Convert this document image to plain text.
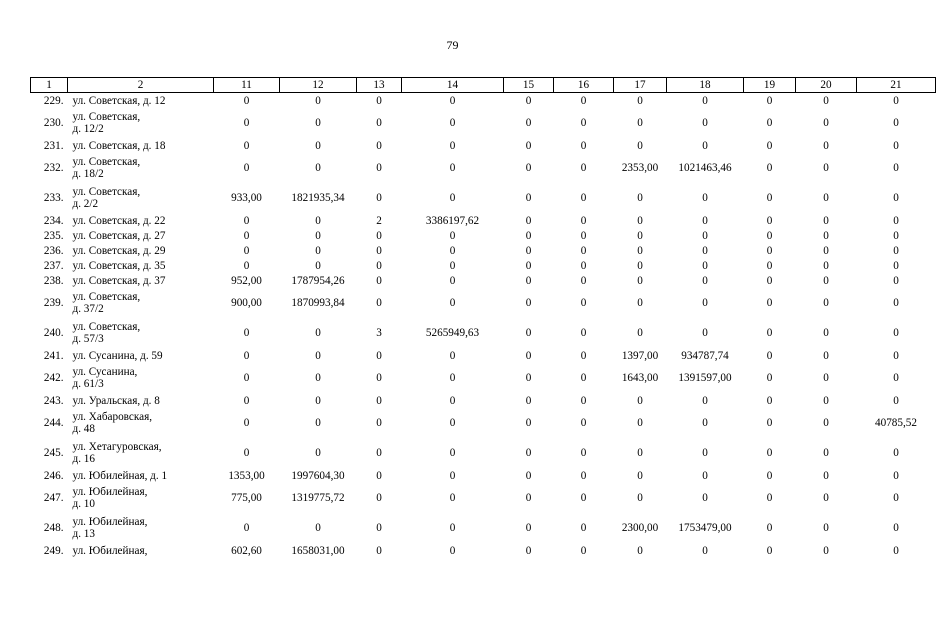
79
1	2	11	12	13	14	15	16	17	18	19	20	21
229.	ул. Советская, д. 12	0	0	0	0	0	0	0	0	0	0	0
230.	ул. Советская,
д. 12/2	0	0	0	0	0	0	0	0	0	0	0
231.	ул. Советская, д. 18	0	0	0	0	0	0	0	0	0	0	0
232.	ул. Советская,
д. 18/2	0	0	0	0	0	0	2353,00	1021463,46	0	0	0
233.	ул. Советская,
д. 2/2	933,00	1821935,34	0	0	0	0	0	0	0	0	0
234.	ул. Советская, д. 22	0	0	2	3386197,62	0	0	0	0	0	0	0
235.	ул. Советская, д. 27	0	0	0	0	0	0	0	0	0	0	0
236.	ул. Советская, д. 29	0	0	0	0	0	0	0	0	0	0	0
237.	ул. Советская, д. 35	0	0	0	0	0	0	0	0	0	0	0
238.	ул. Советская, д. 37	952,00	1787954,26	0	0	0	0	0	0	0	0	0
239.	ул. Советская,
д. 37/2	900,00	1870993,84	0	0	0	0	0	0	0	0	0
240.	ул. Советская,
д. 57/3	0	0	3	5265949,63	0	0	0	0	0	0	0
241.	ул. Сусанина, д. 59	0	0	0	0	0	0	1397,00	934787,74	0	0	0
242.	ул. Сусанина,
д. 61/3	0	0	0	0	0	0	1643,00	1391597,00	0	0	0
243.	ул. Уральская, д. 8	0	0	0	0	0	0	0	0	0	0	0
244.	ул. Хабаровская,
д. 48	0	0	0	0	0	0	0	0	0	0	40785,52
245.	ул. Хетагуровская,
д. 16	0	0	0	0	0	0	0	0	0	0	0
246.	ул. Юбилейная, д. 1	1353,00	1997604,30	0	0	0	0	0	0	0	0	0
247.	ул. Юбилейная,
д. 10	775,00	1319775,72	0	0	0	0	0	0	0	0	0
248.	ул. Юбилейная,
д. 13	0	0	0	0	0	0	2300,00	1753479,00	0	0	0
249.	ул. Юбилейная,	602,60	1658031,00	0	0	0	0	0	0	0	0	0
